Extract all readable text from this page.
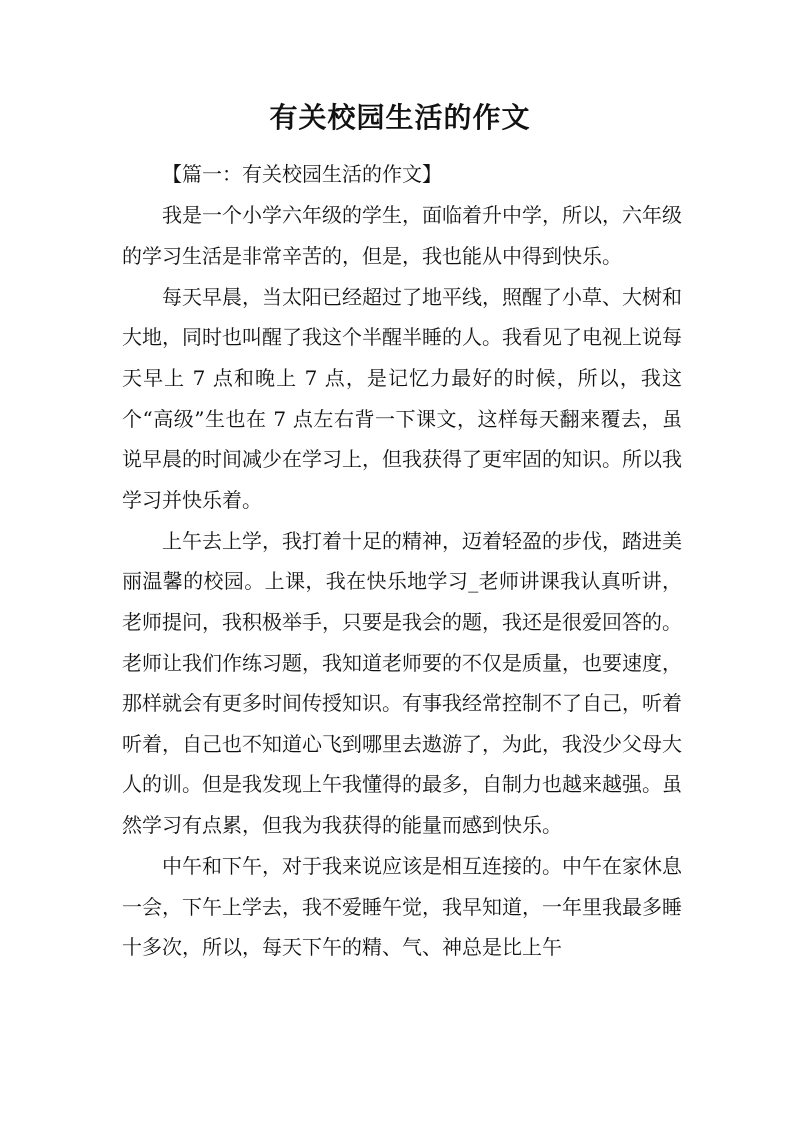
有关校园生活的作文

【篇一：有关校园生活的作文】

我是一个小学六年级的学生，面临着升中学，所以，六年级的学习生活是非常辛苦的，但是，我也能从中得到快乐。

每天早晨，当太阳已经超过了地平线，照醒了小草、大树和大地，同时也叫醒了我这个半醒半睡的人。我看见了电视上说每天早上 7 点和晚上 7 点，是记忆力最好的时候，所以，我这个“高级”生也在 7 点左右背一下课文，这样每天翻来覆去，虽说早晨的时间减少在学习上，但我获得了更牢固的知识。所以我学习并快乐着。

上午去上学，我打着十足的精神，迈着轻盈的步伐，踏进美丽温馨的校园。上课，我在快乐地学习_老师讲课我认真听讲，老师提问，我积极举手，只要是我会的题，我还是很爱回答的。老师让我们作练习题，我知道老师要的不仅是质量，也要速度，那样就会有更多时间传授知识。有事我经常控制不了自己，听着听着，自己也不知道心飞到哪里去遨游了，为此，我没少父母大人的训。但是我发现上午我懂得的最多，自制力也越来越强。虽然学习有点累，但我为我获得的能量而感到快乐。

中午和下午，对于我来说应该是相互连接的。中午在家休息一会，下午上学去，我不爱睡午觉，我早知道，一年里我最多睡十多次，所以，每天下午的精、气、神总是比上午
